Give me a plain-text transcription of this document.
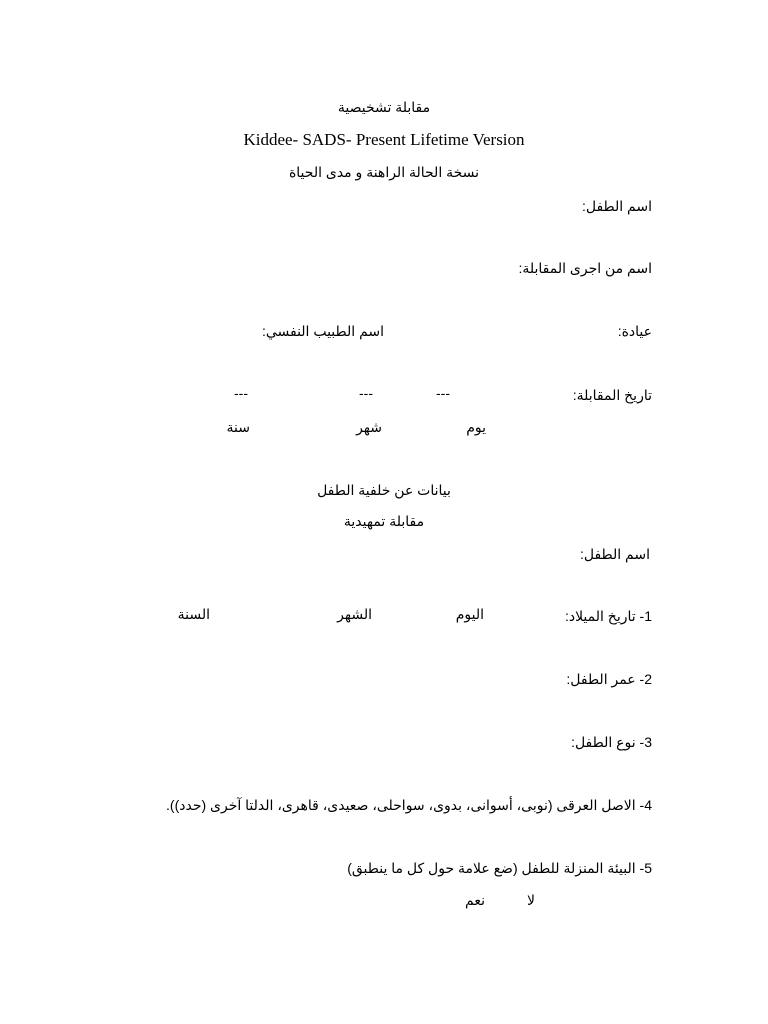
مقابلة تشخيصية
Kiddee- SADS- Present Lifetime Version
نسخة الحالة الراهنة و مدى الحياة
اسم الطفل:
اسم من اجرى المقابلة:
عيادة:
اسم الطبيب النفسي:
تاريخ المقابلة:
---
---
---
يوم
شهر
سنة
بيانات عن خلفية الطفل
مقابلة تمهيدية
اسم الطفل:
1- تاريخ الميلاد:
اليوم
الشهر
السنة
2- عمر الطفل:
3- نوع الطفل:
4- الاصل العرقى (نوبى، أسوانى، بدوى، سواحلى، صعيدى، قاهرى، الدلتا آخرى (حدد)).
5- البيئة المنزلة للطفل (ضع علامة حول كل ما ينطبق)
لا
نعم
